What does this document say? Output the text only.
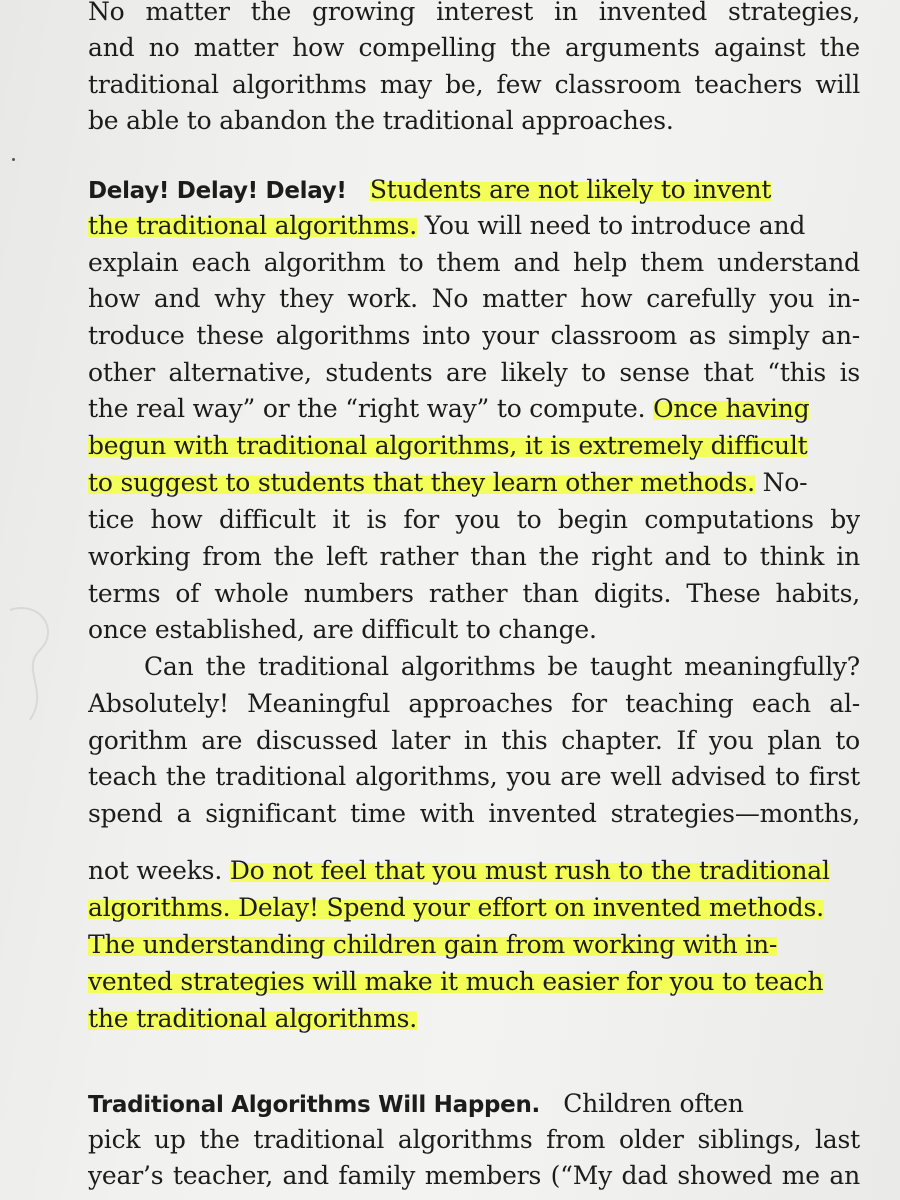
No matter the growing interest in invented strategies,
and no matter how compelling the arguments against the
traditional algorithms may be, few classroom teachers will
be able to abandon the traditional approaches.
Delay! Delay! Delay! Students are not likely to invent
the traditional algorithms. You will need to introduce and
explain each algorithm to them and help them understand
how and why they work. No matter how carefully you in-
troduce these algorithms into your classroom as simply an-
other alternative, students are likely to sense that “this is
the real way” or the “right way” to compute. Once having
begun with traditional algorithms, it is extremely difficult
to suggest to students that they learn other methods. No-
tice how difficult it is for you to begin computations by
working from the left rather than the right and to think in
terms of whole numbers rather than digits. These habits,
once established, are difficult to change.
Can the traditional algorithms be taught meaningfully?
Absolutely! Meaningful approaches for teaching each al-
gorithm are discussed later in this chapter. If you plan to
teach the traditional algorithms, you are well advised to first
spend a significant time with invented strategies—months,
not weeks. Do not feel that you must rush to the traditional
algorithms. Delay! Spend your effort on invented methods.
The understanding children gain from working with in-
vented strategies will make it much easier for you to teach
the traditional algorithms.
Traditional Algorithms Will Happen. Children often
pick up the traditional algorithms from older siblings, last
year’s teacher, and family members (“My dad showed me an
